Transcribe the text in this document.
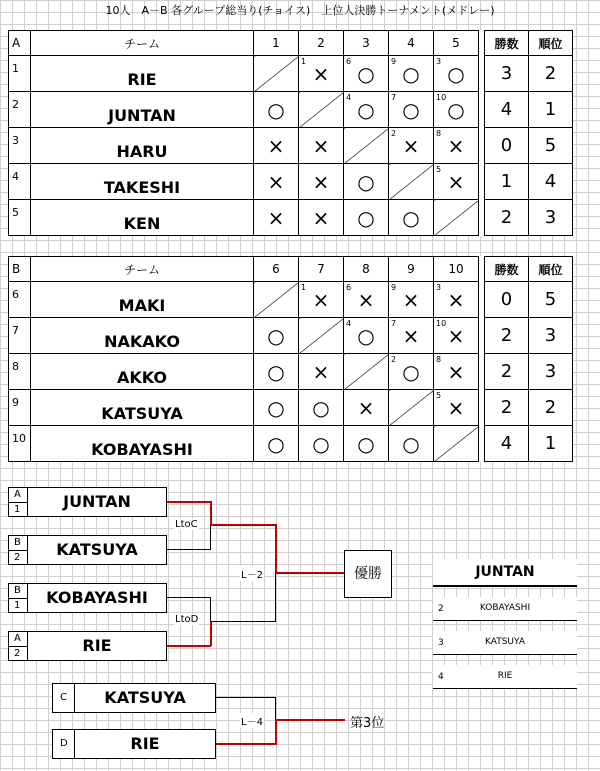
10人　A－B 各グループ総当り(チョイス)　上位人決勝トーナメント(メドレー)
A	チーム	1	2	3	4	5		勝数	順位
1	RIE		1 ×	6 ○	9 ○	3 ○		3	2
2	JUNTAN	○		4 ○	7 ○	10 ○		4	1
3	HARU	×	×		2 ×	8 ×		0	5
4	TAKESHI	×	×	○		5 ×		1	4
5	KEN	×	×	○	○			2	3
B	チーム	6	7	8	9	10		勝数	順位
6	MAKI		1 ×	6 ×	9 ×	3 ×		0	5
7	NAKAKO	○		4 ○	7 ×	10 ×		2	3
8	AKKO	○	×		2 ○	8 ×		2	3
9	KATSUYA	○	○	×		5 ×		2	2
10	KOBAYASHI	○	○	○	○			4	1
A
1	JUNTAN
B
2	KATSUYA
B
1	KOBAYASHI
A
2	RIE
LtoC
LtoD
L－2	優勝	JUNTAN
2	KOBAYASHI
3	KATSUYA
4	RIE
C	KATSUYA
D	RIE
L－4	第3位
